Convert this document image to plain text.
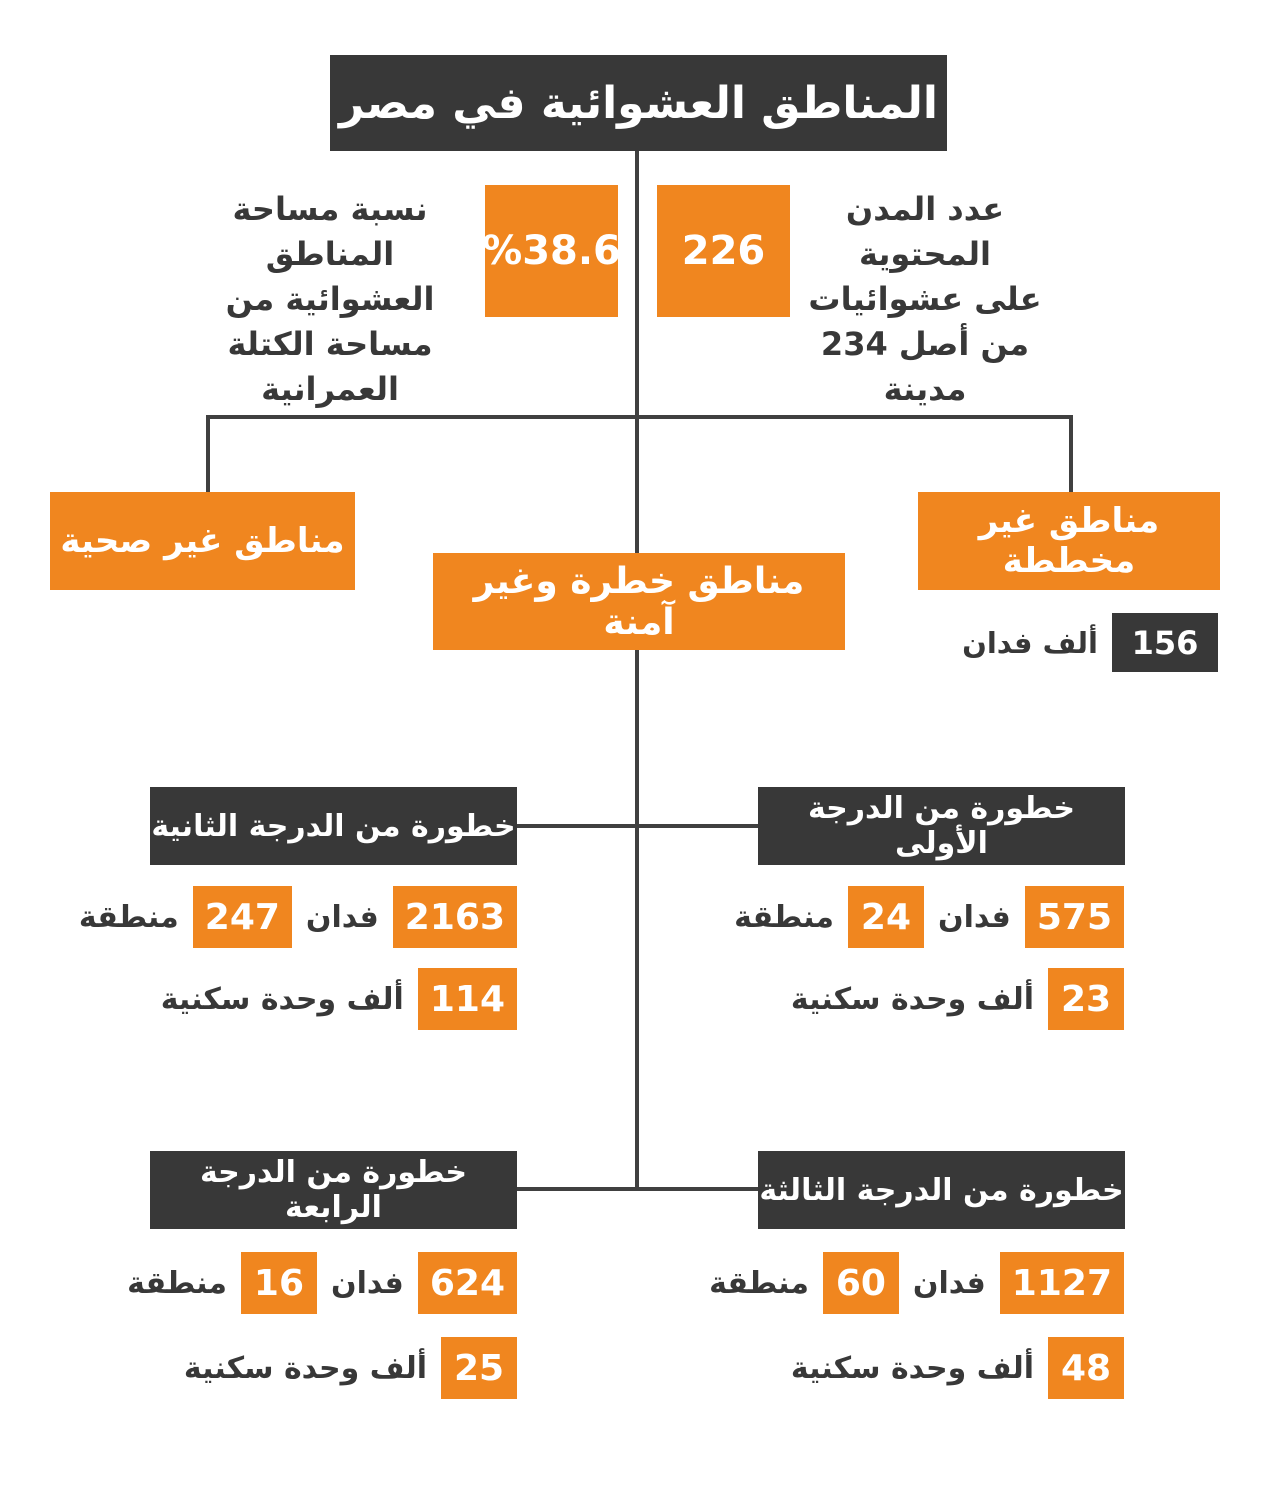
المناطق العشوائية في مصر
%38.6
نسبة مساحة المناطق
العشوائية من
مساحة الكتلة العمرانية
226
عدد المدن المحتوية
على عشوائيات
من أصل 234 مدينة
مناطق غير صحية
مناطق خطرة وغير آمنة
مناطق غير مخططة
156
ألف فدان
خطورة من الدرجة الثانية	خطورة من الدرجة الأولى
خطورة من الدرجة الرابعة	خطورة من الدرجة الثالثة
2163
فدان
247
منطقة
114
ألف وحدة سكنية
575
فدان
24
منطقة
23
ألف وحدة سكنية
624
فدان
16
منطقة
25
ألف وحدة سكنية
1127
فدان
60
منطقة
48
ألف وحدة سكنية
